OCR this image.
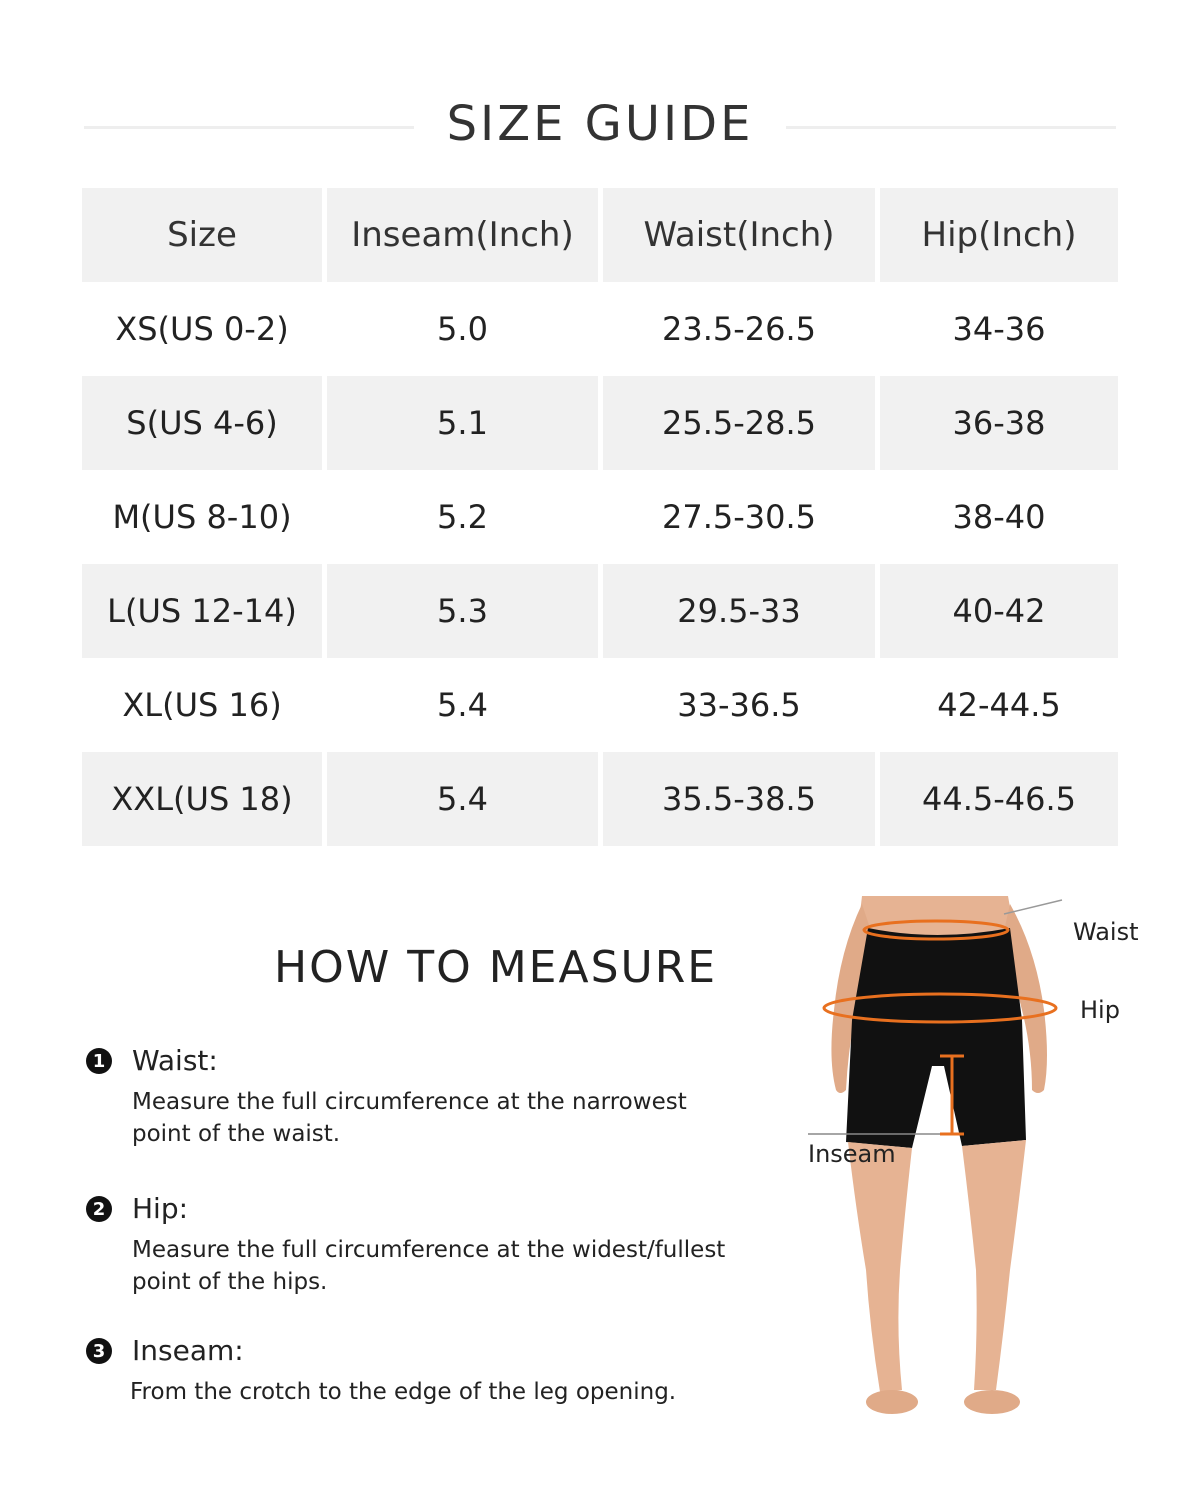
SIZE GUIDE
Size	Inseam(Inch)	Waist(Inch)	Hip(Inch)
XS(US 0-2)	5.0	23.5-26.5	34-36
S(US 4-6)	5.1	25.5-28.5	36-38
M(US 8-10)	5.2	27.5-30.5	38-40
L(US 12-14)	5.3	29.5-33	40-42
XL(US 16)	5.4	33-36.5	42-44.5
XXL(US 18)	5.4	35.5-38.5	44.5-46.5
HOW TO MEASURE
1 Waist:
Measure the full circumference at the narrowest point of the waist.
2 Hip:
Measure the full circumference at the widest/fullest point of the hips.
3 Inseam:
From the crotch to the edge of the leg opening.
Waist
Hip
Inseam
